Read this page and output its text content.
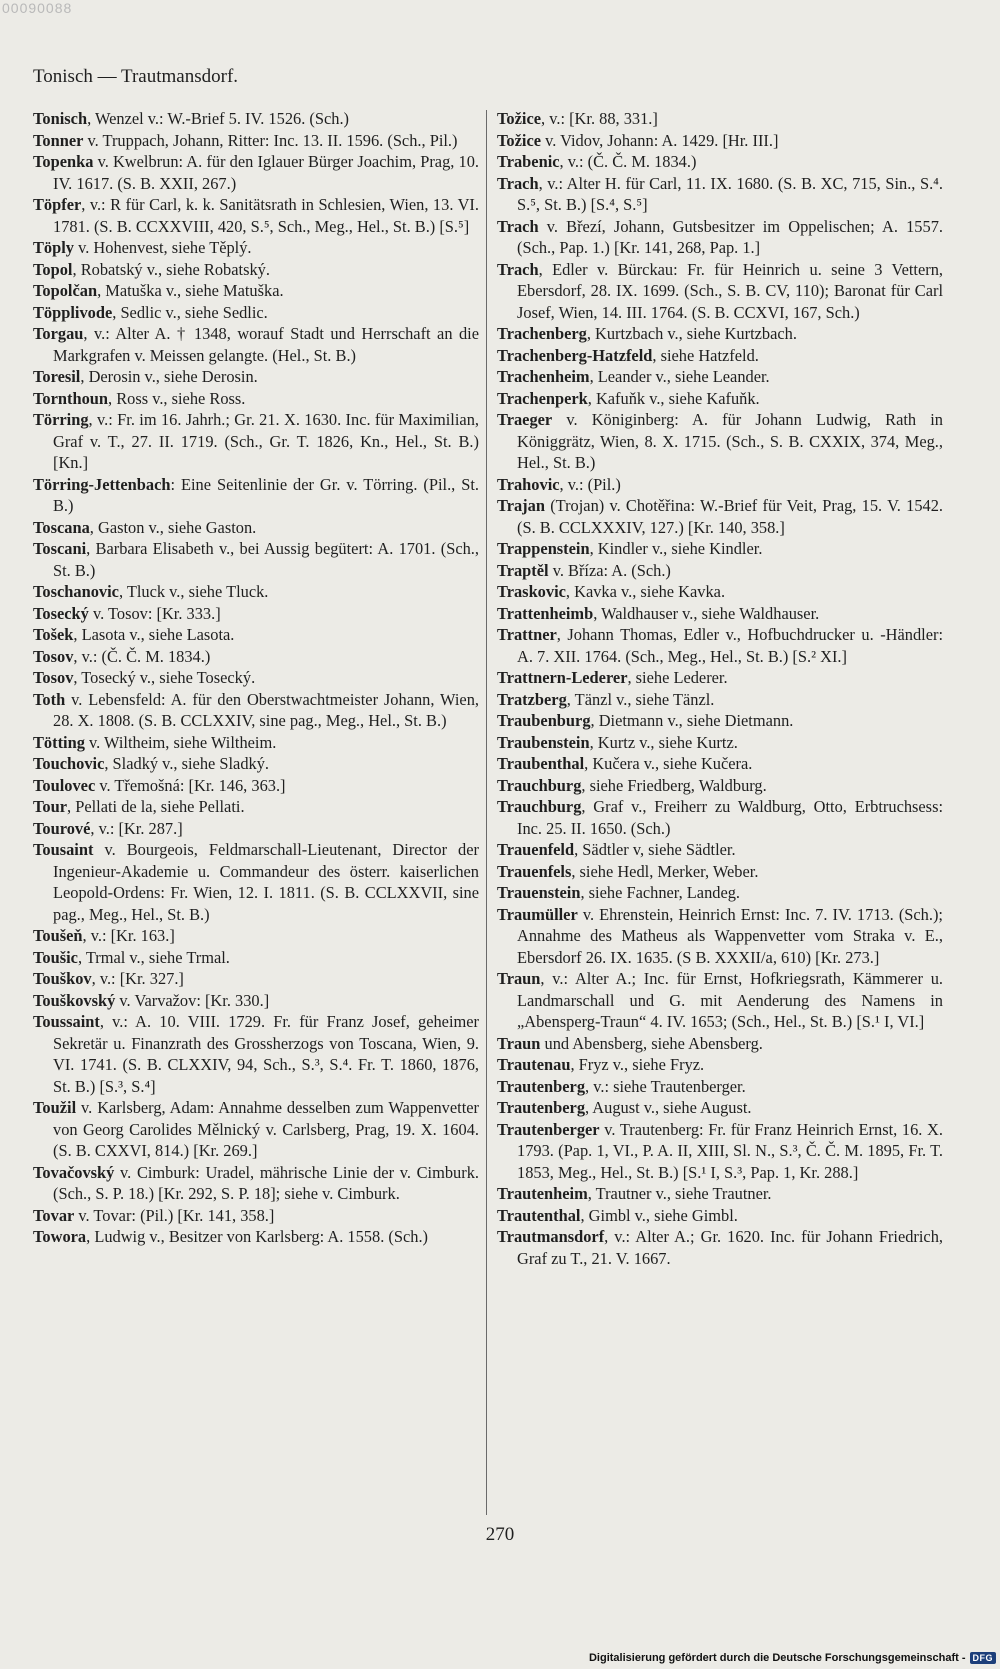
00090088
Tonisch — Trautmansdorf.

Tonisch, Wenzel v.: W.-Brief 5. IV. 1526. (Sch.)

Tonner v. Truppach, Johann, Ritter: Inc. 13. II. 1596. (Sch., Pil.)

Topenka v. Kwelbrun: A. für den Iglauer Bürger Joachim, Prag, 10. IV. 1617. (S. B. XXII, 267.)

Töpfer, v.: R für Carl, k. k. Sanitätsrath in Schlesien, Wien, 13. VI. 1781. (S. B. CCXXVIII, 420, S.⁵, Sch., Meg., Hel., St. B.) [S.⁵]

Töply v. Hohenvest, siehe Těplý.

Topol, Robatský v., siehe Robatský.

Topolčan, Matuška v., siehe Matuška.

Töpplivode, Sedlic v., siehe Sedlic.

Torgau, v.: Alter A. † 1348, worauf Stadt und Herrschaft an die Markgrafen v. Meissen gelangte. (Hel., St. B.)

Toresil, Derosin v., siehe Derosin.

Tornthoun, Ross v., siehe Ross.

Törring, v.: Fr. im 16. Jahrh.; Gr. 21. X. 1630. Inc. für Maximilian, Graf v. T., 27. II. 1719. (Sch., Gr. T. 1826, Kn., Hel., St. B.) [Kn.]

Törring-Jettenbach: Eine Seitenlinie der Gr. v. Törring. (Pil., St. B.)

Toscana, Gaston v., siehe Gaston.

Toscani, Barbara Elisabeth v., bei Aussig begütert: A. 1701. (Sch., St. B.)

Toschanovic, Tluck v., siehe Tluck.

Tosecký v. Tosov: [Kr. 333.]

Tošek, Lasota v., siehe Lasota.

Tosov, v.: (Č. Č. M. 1834.)

Tosov, Tosecký v., siehe Tosecký.

Toth v. Lebensfeld: A. für den Oberstwachtmeister Johann, Wien, 28. X. 1808. (S. B. CCLXXIV, sine pag., Meg., Hel., St. B.)

Tötting v. Wiltheim, siehe Wiltheim.

Touchovic, Sladký v., siehe Sladký.

Toulovec v. Třemošná: [Kr. 146, 363.]

Tour, Pellati de la, siehe Pellati.

Tourové, v.: [Kr. 287.]

Tousaint v. Bourgeois, Feldmarschall-Lieutenant, Director der Ingenieur-Akademie u. Commandeur des österr. kaiserlichen Leopold-Ordens: Fr. Wien, 12. I. 1811. (S. B. CCLXXVII, sine pag., Meg., Hel., St. B.)

Toušeň, v.: [Kr. 163.]

Toušic, Trmal v., siehe Trmal.

Touškov, v.: [Kr. 327.]

Touškovský v. Varvažov: [Kr. 330.]

Toussaint, v.: A. 10. VIII. 1729. Fr. für Franz Josef, geheimer Sekretär u. Finanzrath des Grossherzogs von Toscana, Wien, 9. VI. 1741. (S. B. CLXXIV, 94, Sch., S.³, S.⁴. Fr. T. 1860, 1876, St. B.) [S.³, S.⁴]

Toužil v. Karlsberg, Adam: Annahme desselben zum Wappenvetter von Georg Carolides Mělnický v. Carlsberg, Prag, 19. X. 1604. (S. B. CXXVI, 814.) [Kr. 269.]

Tovačovský v. Cimburk: Uradel, mährische Linie der v. Cimburk. (Sch., S. P. 18.) [Kr. 292, S. P. 18]; siehe v. Cimburk.

Tovar v. Tovar: (Pil.) [Kr. 141, 358.]

Towora, Ludwig v., Besitzer von Karlsberg: A. 1558. (Sch.)

Tožice, v.: [Kr. 88, 331.]

Tožice v. Vidov, Johann: A. 1429. [Hr. III.]

Trabenic, v.: (Č. Č. M. 1834.)

Trach, v.: Alter H. für Carl, 11. IX. 1680. (S. B. XC, 715, Sin., S.⁴. S.⁵, St. B.) [S.⁴, S.⁵]

Trach v. Březí, Johann, Gutsbesitzer im Oppelischen; A. 1557. (Sch., Pap. 1.) [Kr. 141, 268, Pap. 1.]

Trach, Edler v. Bürckau: Fr. für Heinrich u. seine 3 Vettern, Ebersdorf, 28. IX. 1699. (Sch., S. B. CV, 110); Baronat für Carl Josef, Wien, 14. III. 1764. (S. B. CCXVI, 167, Sch.)

Trachenberg, Kurtzbach v., siehe Kurtzbach.

Trachenberg-Hatzfeld, siehe Hatzfeld.

Trachenheim, Leander v., siehe Leander.

Trachenperk, Kafuňk v., siehe Kafuňk.

Traeger v. Königinberg: A. für Johann Ludwig, Rath in Königgrätz, Wien, 8. X. 1715. (Sch., S. B. CXXIX, 374, Meg., Hel., St. B.)

Trahovic, v.: (Pil.)

Trajan (Trojan) v. Chotěřina: W.-Brief für Veit, Prag, 15. V. 1542. (S. B. CCLXXXIV, 127.) [Kr. 140, 358.]

Trappenstein, Kindler v., siehe Kindler.

Traptěl v. Bříza: A. (Sch.)

Traskovic, Kavka v., siehe Kavka.

Trattenheimb, Waldhauser v., siehe Waldhauser.

Trattner, Johann Thomas, Edler v., Hofbuchdrucker u. -Händler: A. 7. XII. 1764. (Sch., Meg., Hel., St. B.) [S.² XI.]

Trattnern-Lederer, siehe Lederer.

Tratzberg, Tänzl v., siehe Tänzl.

Traubenburg, Dietmann v., siehe Dietmann.

Traubenstein, Kurtz v., siehe Kurtz.

Traubenthal, Kučera v., siehe Kučera.

Trauchburg, siehe Friedberg, Waldburg.

Trauchburg, Graf v., Freiherr zu Waldburg, Otto, Erbtruchsess: Inc. 25. II. 1650. (Sch.)

Trauenfeld, Sädtler v, siehe Sädtler.

Trauenfels, siehe Hedl, Merker, Weber.

Trauenstein, siehe Fachner, Landeg.

Traumüller v. Ehrenstein, Heinrich Ernst: Inc. 7. IV. 1713. (Sch.); Annahme des Matheus als Wappenvetter vom Straka v. E., Ebersdorf 26. IX. 1635. (S B. XXXII/a, 610) [Kr. 273.]

Traun, v.: Alter A.; Inc. für Ernst, Hofkriegsrath, Kämmerer u. Landmarschall und G. mit Aenderung des Namens in „Abensperg-Traun“ 4. IV. 1653; (Sch., Hel., St. B.) [S.¹ I, VI.]

Traun und Abensberg, siehe Abensberg.

Trautenau, Fryz v., siehe Fryz.

Trautenberg, v.: siehe Trautenberger.

Trautenberg, August v., siehe August.

Trautenberger v. Trautenberg: Fr. für Franz Heinrich Ernst, 16. X. 1793. (Pap. 1, VI., P. A. II, XIII, Sl. N., S.³, Č. Č. M. 1895, Fr. T. 1853, Meg., Hel., St. B.) [S.¹ I, S.³, Pap. 1, Kr. 288.]

Trautenheim, Trautner v., siehe Trautner.

Trautenthal, Gimbl v., siehe Gimbl.

Trautmansdorf, v.: Alter A.; Gr. 1620. Inc. für Johann Friedrich, Graf zu T., 21. V. 1667.

270
Digitalisierung gefördert durch die Deutsche Forschungsgemeinschaft - DFG
